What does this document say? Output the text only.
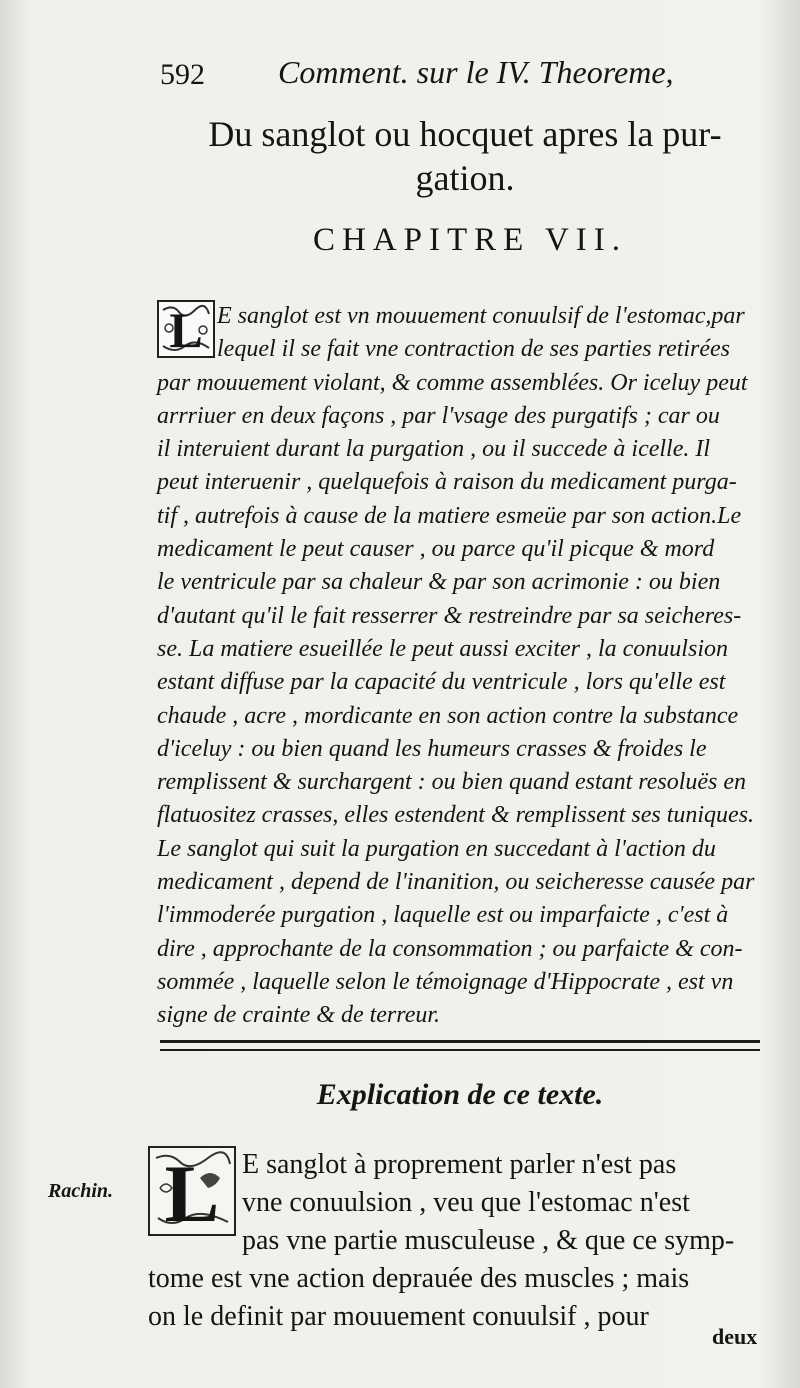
592 Comment. sur le IV. Theoreme,
Du sanglot ou hocquet apres la pur-
gation.
CHAPITRE VII.
E sanglot est vn mouuement conuulsif de l'estomac,par
lequel il se fait vne contraction de ses parties retirées
par mouuement violant, & comme assemblées. Or iceluy peut
arrriuer en deux façons , par l'vsage des purgatifs ; car ou
il interuient durant la purgation , ou il succede à icelle. Il
peut interuenir , quelquefois à raison du medicament purga-
tif , autrefois à cause de la matiere esmeüe par son action.Le
medicament le peut causer , ou parce qu'il picque & mord
le ventricule par sa chaleur & par son acrimonie : ou bien
d'autant qu'il le fait resserrer & restreindre par sa seicheres-
se. La matiere esueillée le peut aussi exciter , la conuulsion
estant diffuse par la capacité du ventricule , lors qu'elle est
chaude , acre , mordicante en son action contre la substance
d'iceluy : ou bien quand les humeurs crasses & froides le
remplissent & surchargent : ou bien quand estant resoluës en
flatuositez crasses, elles estendent & remplissent ses tuniques.
Le sanglot qui suit la purgation en succedant à l'action du
medicament , depend de l'inanition, ou seicheresse causée par
l'immoderée purgation , laquelle est ou imparfaicte , c'est à
dire , approchante de la consommation ; ou parfaicte & con-
sommée , laquelle selon le témoignage d'Hippocrate , est vn
signe de crainte & de terreur.
L
Explication de ce texte.
Rachin.
E sanglot à proprement parler n'est pas
vne conuulsion , veu que l'estomac n'est
pas vne partie musculeuse , & que ce symp-
tome est vne action deprauée des muscles ; mais
on le definit par mouuement conuulsif , pour
L
deux
